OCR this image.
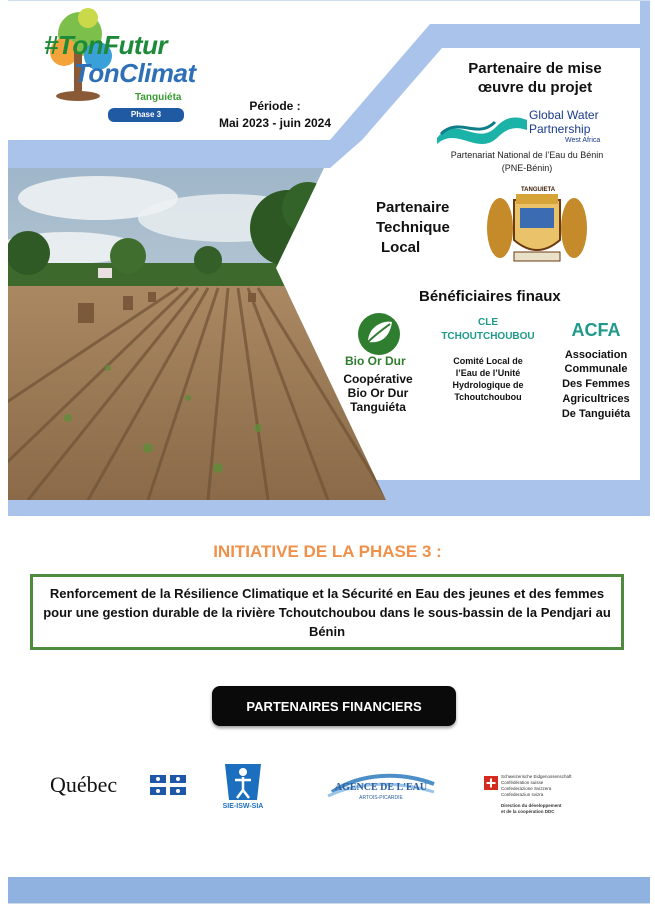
#TonFutur
TonClimat
Tanguiéta
Phase 3
Période :
Mai 2023 - juin 2024
Partenaire de mise
œuvre du projet
Global Water
Partnership
West Africa
Partenariat National de l’Eau du Bénin
(PNE-Bénin)
Partenaire
Technique
Local
TANGUIETA
Bénéficiaires finaux
Bio Or Dur
Coopérative
Bio Or Dur
Tanguiéta
CLE
TCHOUTCHOUBOU
Comité Local de
l’Eau de l’Unité
Hydrologique de
Tchoutchoubou
ACFA
Association
Communale
Des Femmes
Agricultrices
De Tanguiéta
INITIATIVE DE LA PHASE 3 :
Renforcement de la Résilience Climatique et la Sécurité en Eau des jeunes et des femmes pour une gestion durable de la rivière Tchoutchoubou dans le sous-bassin de la Pendjari au Bénin
PARTENAIRES FINANCIERS
Québec
SIE-ISW-SIA
AGENCE DE L'EAU
ARTOIS-PICARDIE
Schweizerische Eidgenossenschaft
Confédération suisse
Confederazione Svizzera
Confederaziun svizra
Direction du développement
et de la coopération DDC
